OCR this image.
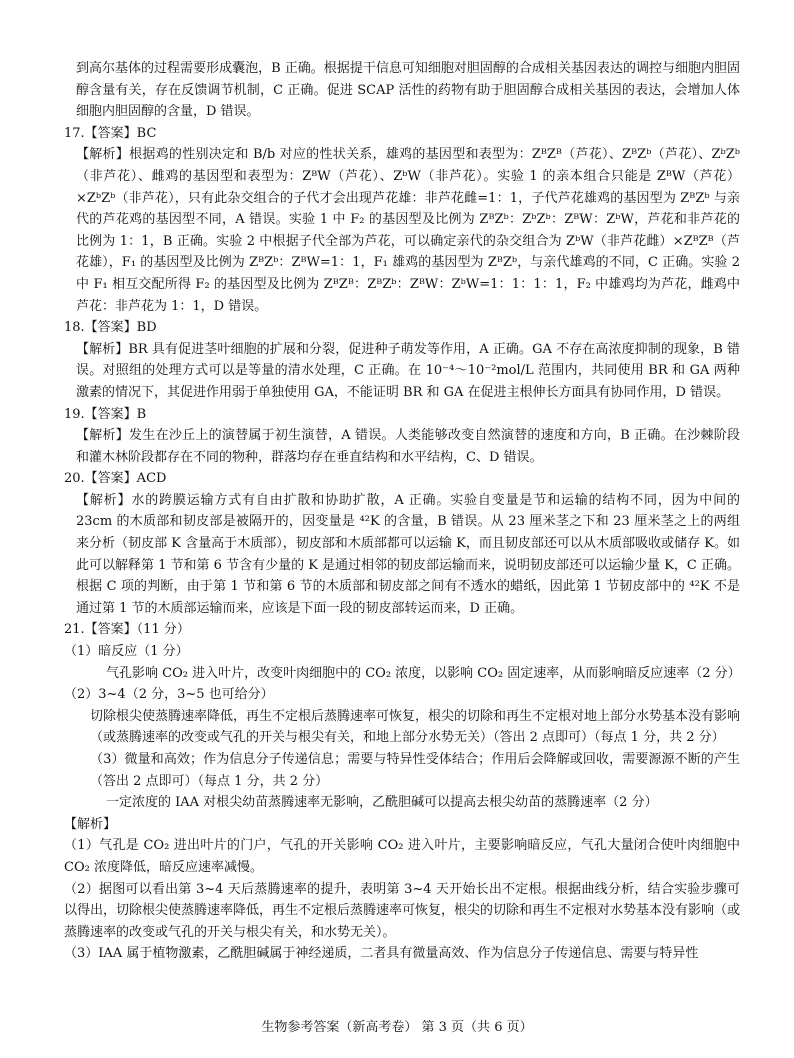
到高尔基体的过程需要形成囊泡，B 正确。根据提干信息可知细胞对胆固醇的合成相关基因表达的调控与细胞内胆固醇含量有关，存在反馈调节机制，C 正确。促进 SCAP 活性的药物有助于胆固醇合成相关基因的表达，会增加人体细胞内胆固醇的含量，D 错误。

17.【答案】BC

【解析】根据鸡的性别决定和 B/b 对应的性状关系，雄鸡的基因型和表型为：ZᴮZᴮ（芦花）、ZᴮZᵇ（芦花）、ZᵇZᵇ（非芦花）、雌鸡的基因型和表型为：ZᴮW（芦花）、ZᵇW（非芦花）。实验 1 的亲本组合只能是 ZᴮW（芦花）×ZᵇZᵇ（非芦花），只有此杂交组合的子代才会出现芦花雄：非芦花雌=1：1，子代芦花雄鸡的基因型为 ZᴮZᵇ 与亲代的芦花鸡的基因型不同，A 错误。实验 1 中 F₂ 的基因型及比例为 ZᴮZᵇ：ZᵇZᵇ：ZᴮW：ZᵇW，芦花和非芦花的比例为 1：1，B 正确。实验 2 中根据子代全部为芦花，可以确定亲代的杂交组合为 ZᵇW（非芦花雌）×ZᴮZᴮ（芦花雄），F₁ 的基因型及比例为 ZᴮZᵇ：ZᴮW=1：1，F₁ 雄鸡的基因型为 ZᴮZᵇ，与亲代雄鸡的不同，C 正确。实验 2 中 F₁ 相互交配所得 F₂ 的基因型及比例为 ZᴮZᴮ：ZᴮZᵇ：ZᴮW：ZᵇW=1：1：1：1，F₂ 中雄鸡均为芦花，雌鸡中芦花：非芦花为 1：1，D 错误。

18.【答案】BD

【解析】BR 具有促进茎叶细胞的扩展和分裂，促进种子萌发等作用，A 正确。GA 不存在高浓度抑制的现象，B 错误。对照组的处理方式可以是等量的清水处理，C 正确。在 10⁻⁴～10⁻²mol/L 范围内，共同使用 BR 和 GA 两种激素的情况下，其促进作用弱于单独使用 GA，不能证明 BR 和 GA 在促进主根伸长方面具有协同作用，D 错误。

19.【答案】B

【解析】发生在沙丘上的演替属于初生演替，A 错误。人类能够改变自然演替的速度和方向，B 正确。在沙棘阶段和灌木林阶段都存在不同的物种，群落均存在垂直结构和水平结构，C、D 错误。

20.【答案】ACD

【解析】水的跨膜运输方式有自由扩散和协助扩散，A 正确。实验自变量是节和运输的结构不同，因为中间的 23cm 的木质部和韧皮部是被隔开的，因变量是 ⁴²K 的含量，B 错误。从 23 厘米茎之下和 23 厘米茎之上的两组来分析（韧皮部 K 含量高于木质部），韧皮部和木质部都可以运输 K，而且韧皮部还可以从木质部吸收或储存 K。如此可以解释第 1 节和第 6 节含有少量的 K 是通过相邻的韧皮部运输而来，说明韧皮部还可以运输少量 K，C 正确。根据 C 项的判断，由于第 1 节和第 6 节的木质部和韧皮部之间有不透水的蜡纸，因此第 1 节韧皮部中的 ⁴²K 不是通过第 1 节的木质部运输而来，应该是下面一段的韧皮部转运而来，D 正确。

21.【答案】（11 分）

（1）暗反应（1 分）

气孔影响 CO₂ 进入叶片，改变叶肉细胞中的 CO₂ 浓度，以影响 CO₂ 固定速率，从而影响暗反应速率（2 分）

（2）3~4（2 分，3~5 也可给分）

切除根尖使蒸腾速率降低，再生不定根后蒸腾速率可恢复，根尖的切除和再生不定根对地上部分水势基本没有影响（或蒸腾速率的改变或气孔的开关与根尖有关，和地上部分水势无关）（答出 2 点即可）（每点 1 分，共 2 分）

（3）微量和高效；作为信息分子传递信息；需要与特异性受体结合；作用后会降解或回收，需要源源不断的产生（答出 2 点即可）（每点 1 分，共 2 分）

一定浓度的 IAA 对根尖幼苗蒸腾速率无影响，乙酰胆碱可以提高去根尖幼苗的蒸腾速率（2 分）

【解析】

（1）气孔是 CO₂ 进出叶片的门户，气孔的开关影响 CO₂ 进入叶片，主要影响暗反应，气孔大量闭合使叶肉细胞中 CO₂ 浓度降低，暗反应速率减慢。

（2）据图可以看出第 3~4 天后蒸腾速率的提升，表明第 3~4 天开始长出不定根。根据曲线分析，结合实验步骤可以得出，切除根尖使蒸腾速率降低，再生不定根后蒸腾速率可恢复，根尖的切除和再生不定根对水势基本没有影响（或蒸腾速率的改变或气孔的开关与根尖有关，和水势无关）。

（3）IAA 属于植物激素，乙酰胆碱属于神经递质，二者具有微量高效、作为信息分子传递信息、需要与特异性

生物参考答案（新高考卷） 第 3 页（共 6 页）
